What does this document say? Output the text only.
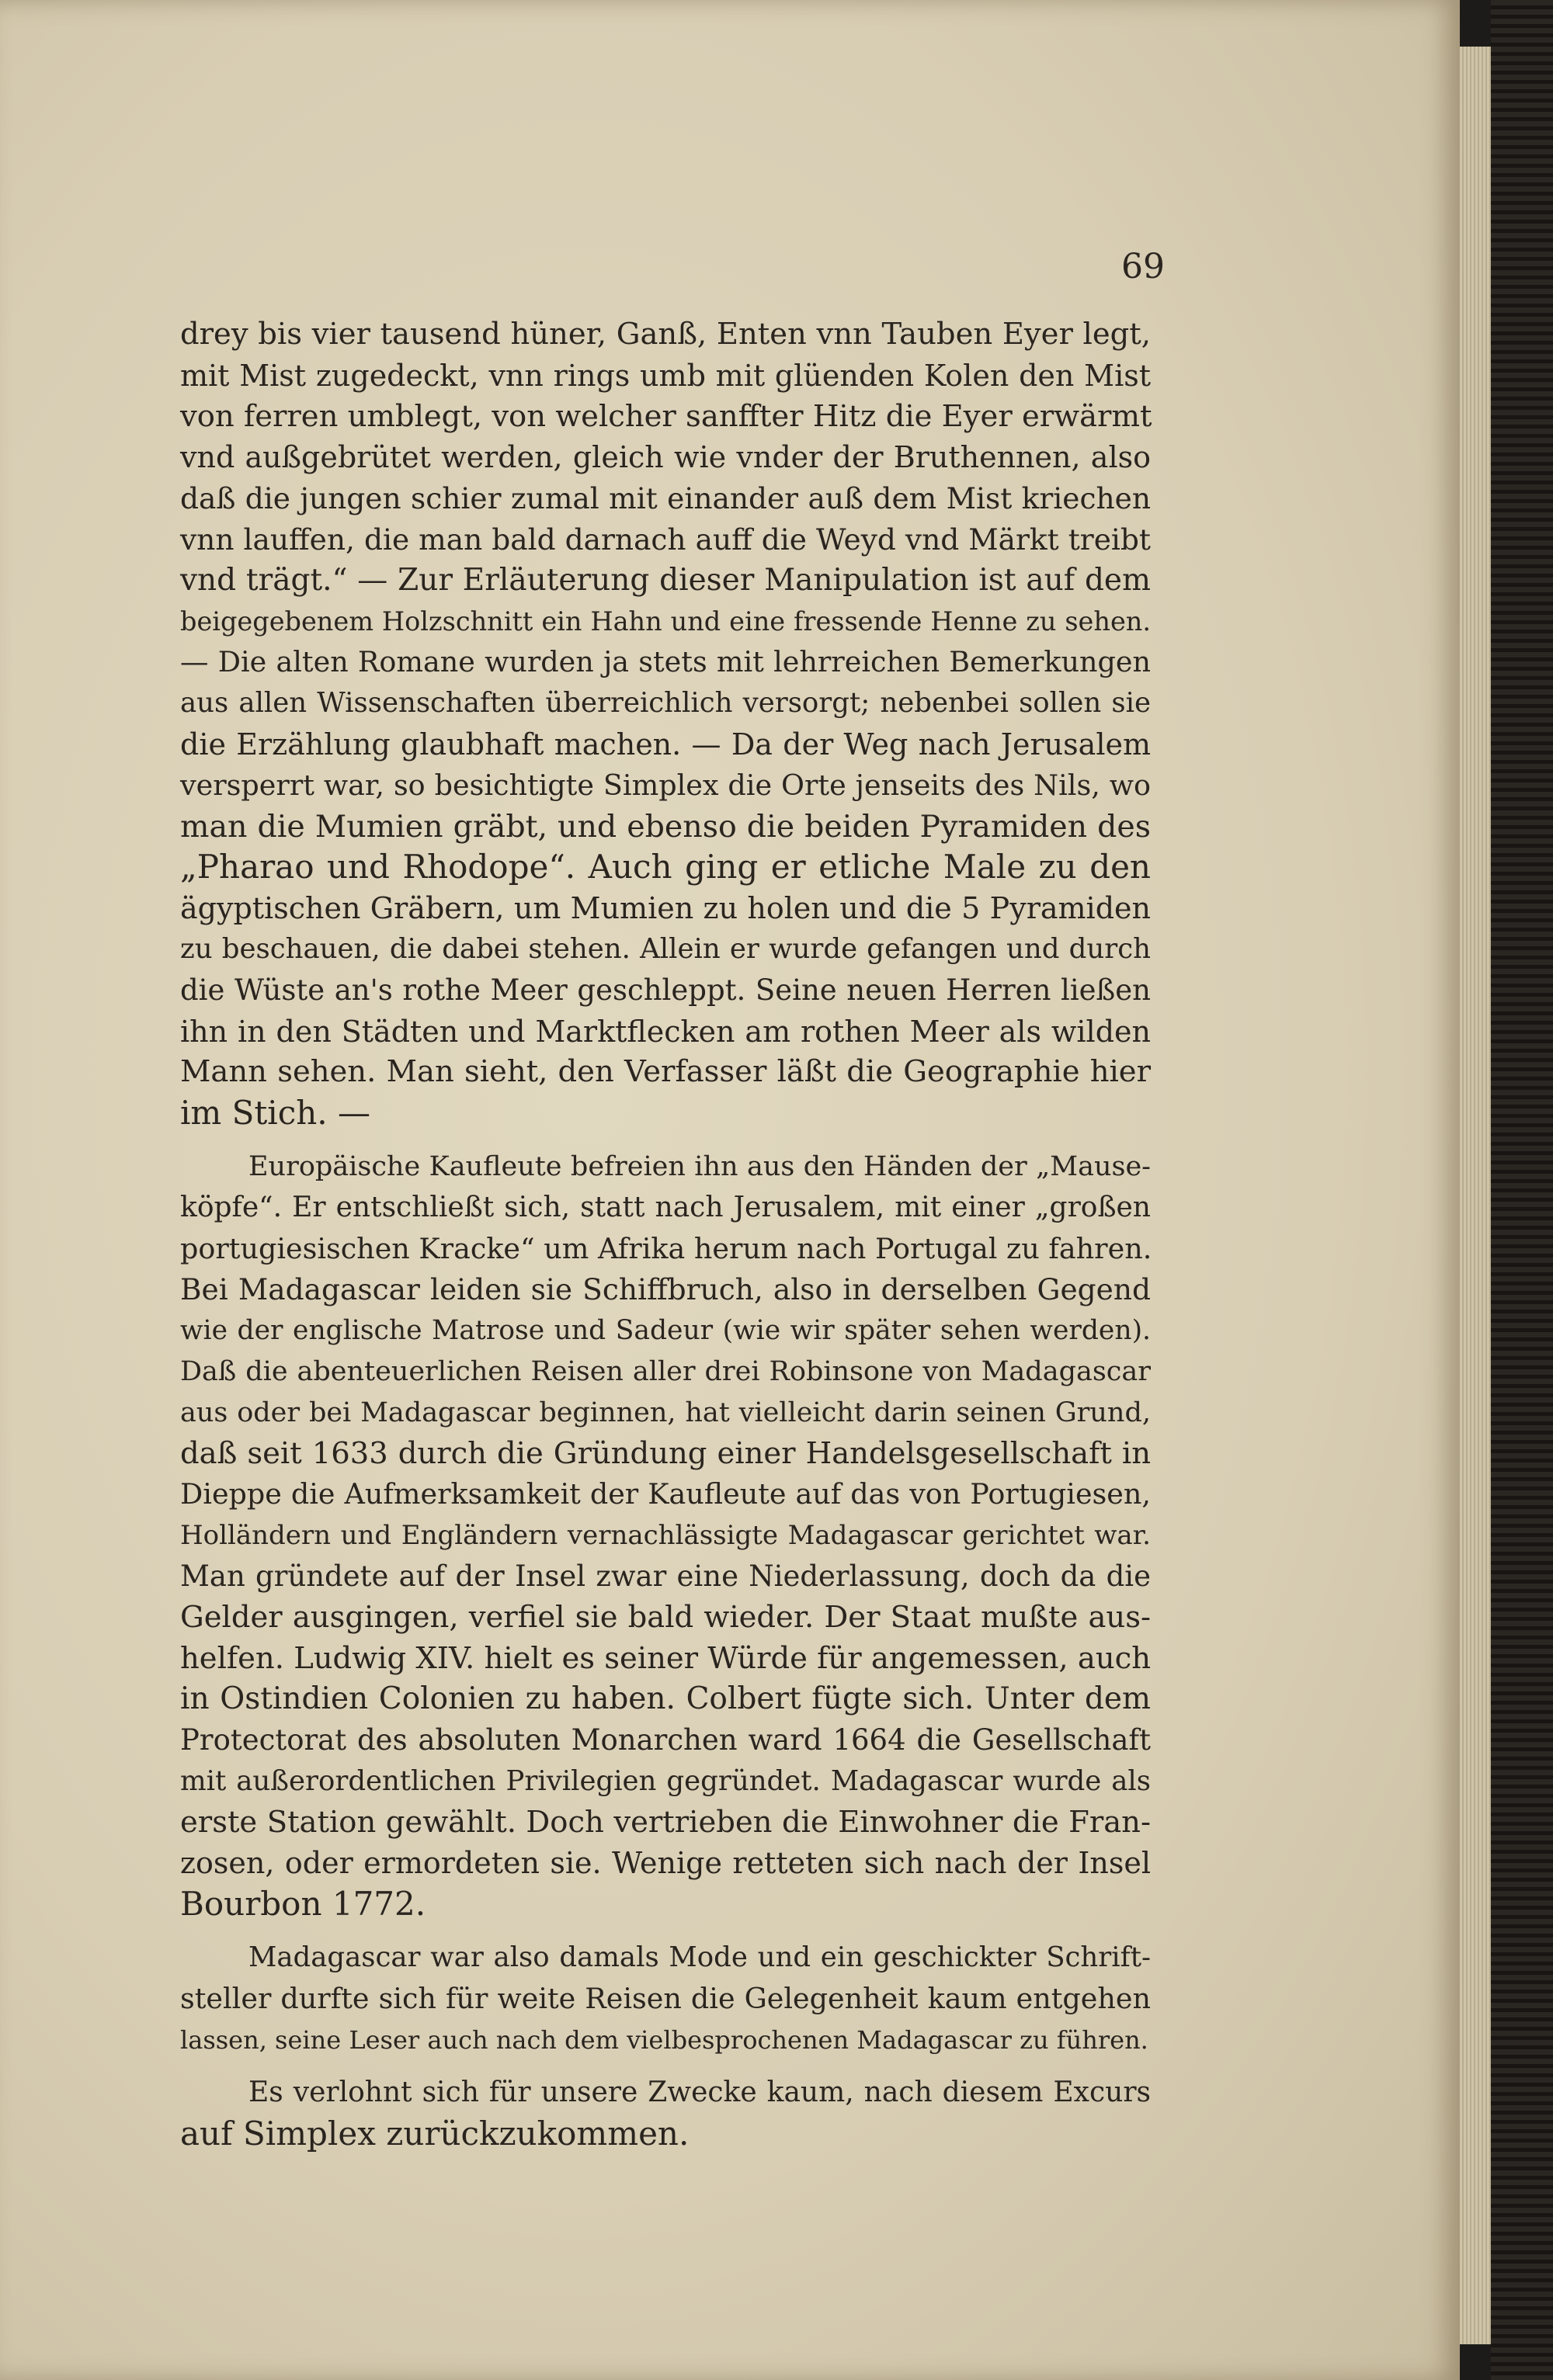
69
drey bis vier tausend hüner, Ganß, Enten vnn Tauben Eyer legt,
mit Mist zugedeckt, vnn rings umb mit glüenden Kolen den Mist
von ferren umblegt, von welcher sanffter Hitz die Eyer erwärmt
vnd außgebrütet werden, gleich wie vnder der Bruthennen, also
daß die jungen schier zumal mit einander auß dem Mist kriechen
vnn lauffen, die man bald darnach auff die Weyd vnd Märkt treibt
vnd trägt.“ — Zur Erläuterung dieser Manipulation ist auf dem
beigegebenem Holzschnitt ein Hahn und eine fressende Henne zu sehen.
— Die alten Romane wurden ja stets mit lehrreichen Bemerkungen
aus allen Wissenschaften überreichlich versorgt; nebenbei sollen sie
die Erzählung glaubhaft machen. — Da der Weg nach Jerusalem
versperrt war, so besichtigte Simplex die Orte jenseits des Nils, wo
man die Mumien gräbt, und ebenso die beiden Pyramiden des
„Pharao und Rhodope“. Auch ging er etliche Male zu den
ägyptischen Gräbern, um Mumien zu holen und die 5 Pyramiden
zu beschauen, die dabei stehen. Allein er wurde gefangen und durch
die Wüste an's rothe Meer geschleppt. Seine neuen Herren ließen
ihn in den Städten und Marktflecken am rothen Meer als wilden
Mann sehen. Man sieht, den Verfasser läßt die Geographie hier
im Stich. —
Europäische Kaufleute befreien ihn aus den Händen der „Mause-
köpfe“. Er entschließt sich, statt nach Jerusalem, mit einer „großen
portugiesischen Kracke“ um Afrika herum nach Portugal zu fahren.
Bei Madagascar leiden sie Schiffbruch, also in derselben Gegend
wie der englische Matrose und Sadeur (wie wir später sehen werden).
Daß die abenteuerlichen Reisen aller drei Robinsone von Madagascar
aus oder bei Madagascar beginnen, hat vielleicht darin seinen Grund,
daß seit 1633 durch die Gründung einer Handelsgesellschaft in
Dieppe die Aufmerksamkeit der Kaufleute auf das von Portugiesen,
Holländern und Engländern vernachlässigte Madagascar gerichtet war.
Man gründete auf der Insel zwar eine Niederlassung, doch da die
Gelder ausgingen, verfiel sie bald wieder. Der Staat mußte aus-
helfen. Ludwig XIV. hielt es seiner Würde für angemessen, auch
in Ostindien Colonien zu haben. Colbert fügte sich. Unter dem
Protectorat des absoluten Monarchen ward 1664 die Gesellschaft
mit außerordentlichen Privilegien gegründet. Madagascar wurde als
erste Station gewählt. Doch vertrieben die Einwohner die Fran-
zosen, oder ermordeten sie. Wenige retteten sich nach der Insel
Bourbon 1772.
Madagascar war also damals Mode und ein geschickter Schrift-
steller durfte sich für weite Reisen die Gelegenheit kaum entgehen
lassen, seine Leser auch nach dem vielbesprochenen Madagascar zu führen.
Es verlohnt sich für unsere Zwecke kaum, nach diesem Excurs
auf Simplex zurückzukommen.
